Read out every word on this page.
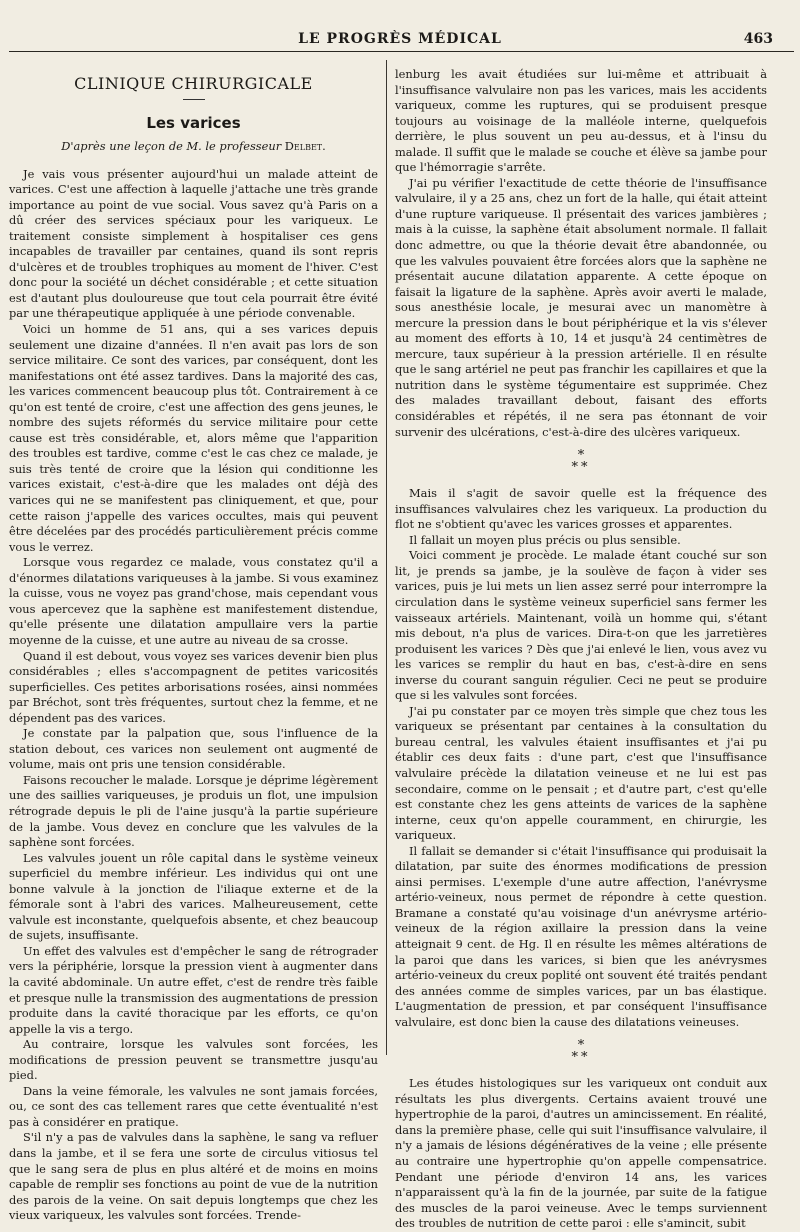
LE PROGRÈS MÉDICAL	463
CLINIQUE CHIRURGICALE
Les varices
D'après une leçon de M. le professeur Delbet.

Je vais vous présenter aujourd'hui un malade atteint de varices. C'est une affection à laquelle j'attache une très grande importance au point de vue social. Vous savez qu'à Paris on a dû créer des services spéciaux pour les variqueux. Le traitement consiste simplement à hospitaliser ces gens incapables de travailler par centaines, quand ils sont repris d'ulcères et de troubles trophiques au moment de l'hiver. C'est donc pour la société un déchet considérable ; et cette situation est d'autant plus douloureuse que tout cela pourrait être évité par une thérapeutique appliquée à une période convenable.

Voici un homme de 51 ans, qui a ses varices depuis seulement une dizaine d'années. Il n'en avait pas lors de son service militaire. Ce sont des varices, par conséquent, dont les manifestations ont été assez tardives. Dans la majorité des cas, les varices commencent beaucoup plus tôt. Contrairement à ce qu'on est tenté de croire, c'est une affection des gens jeunes, le nombre des sujets réformés du service militaire pour cette cause est très considérable, et, alors même que l'apparition des troubles est tardive, comme c'est le cas chez ce malade, je suis très tenté de croire que la lésion qui conditionne les varices existait, c'est-à-dire que les malades ont déjà des varices qui ne se manifestent pas cliniquement, et que, pour cette raison j'appelle des varices occultes, mais qui peuvent être décelées par des procédés particulièrement précis comme vous le verrez.

Lorsque vous regardez ce malade, vous constatez qu'il a d'énormes dilatations variqueuses à la jambe. Si vous examinez la cuisse, vous ne voyez pas grand'chose, mais cependant vous vous apercevez que la saphène est manifestement distendue, qu'elle présente une dilatation ampullaire vers la partie moyenne de la cuisse, et une autre au niveau de sa crosse.

Quand il est debout, vous voyez ses varices devenir bien plus considérables ; elles s'accompagnent de petites varicosités superficielles. Ces petites arborisations rosées, ainsi nommées par Bréchot, sont très fréquentes, surtout chez la femme, et ne dépendent pas des varices.

Je constate par la palpation que, sous l'influence de la station debout, ces varices non seulement ont augmenté de volume, mais ont pris une tension considérable.

Faisons recoucher le malade. Lorsque je déprime légèrement une des saillies variqueuses, je produis un flot, une impulsion rétrograde depuis le pli de l'aine jusqu'à la partie supérieure de la jambe. Vous devez en conclure que les valvules de la saphène sont forcées.

Les valvules jouent un rôle capital dans le système veineux superficiel du membre inférieur. Les individus qui ont une bonne valvule à la jonction de l'iliaque externe et de la fémorale sont à l'abri des varices. Malheureusement, cette valvule est inconstante, quelquefois absente, et chez beaucoup de sujets, insuffisante.

Un effet des valvules est d'empêcher le sang de rétrograder vers la périphérie, lorsque la pression vient à augmenter dans la cavité abdominale. Un autre effet, c'est de rendre très faible et presque nulle la transmission des augmentations de pression produite dans la cavité thoracique par les efforts, ce qu'on appelle la vis a tergo.

Au contraire, lorsque les valvules sont forcées, les modifications de pression peuvent se transmettre jusqu'au pied.

Dans la veine fémorale, les valvules ne sont jamais forcées, ou, ce sont des cas tellement rares que cette éventualité n'est pas à considérer en pratique.

S'il n'y a pas de valvules dans la saphène, le sang va refluer dans la jambe, et il se fera une sorte de circulus vitiosus tel que le sang sera de plus en plus altéré et de moins en moins capable de remplir ses fonctions au point de vue de la nutrition des parois de la veine. On sait depuis longtemps que chez les vieux variqueux, les valvules sont forcées. Trende-

lenburg les avait étudiées sur lui-même et attribuait à l'insuffisance valvulaire non pas les varices, mais les accidents variqueux, comme les ruptures, qui se produisent presque toujours au voisinage de la malléole interne, quelquefois derrière, le plus souvent un peu au-dessus, et à l'insu du malade. Il suffit que le malade se couche et élève sa jambe pour que l'hémorragie s'arrête.

J'ai pu vérifier l'exactitude de cette théorie de l'insuffisance valvulaire, il y a 25 ans, chez un fort de la halle, qui était atteint d'une rupture variqueuse. Il présentait des varices jambières ; mais à la cuisse, la saphène était absolument normale. Il fallait donc admettre, ou que la théorie devait être abandonnée, ou que les valvules pouvaient être forcées alors que la saphène ne présentait aucune dilatation apparente. A cette époque on faisait la ligature de la saphène. Après avoir averti le malade, sous anesthésie locale, je mesurai avec un manomètre à mercure la pression dans le bout périphérique et la vis s'élever au moment des efforts à 10, 14 et jusqu'à 24 centimètres de mercure, taux supérieur à la pression artérielle. Il en résulte que le sang artériel ne peut pas franchir les capillaires et que la nutrition dans le système tégumentaire est supprimée. Chez des malades travaillant debout, faisant des efforts considérables et répétés, il ne sera pas étonnant de voir survenir des ulcérations, c'est-à-dire des ulcères variqueux.

*
**

Mais il s'agit de savoir quelle est la fréquence des insuffisances valvulaires chez les variqueux. La production du flot ne s'obtient qu'avec les varices grosses et apparentes.

Il fallait un moyen plus précis ou plus sensible.

Voici comment je procède. Le malade étant couché sur son lit, je prends sa jambe, je la soulève de façon à vider ses varices, puis je lui mets un lien assez serré pour interrompre la circulation dans le système veineux superficiel sans fermer les vaisseaux artériels. Maintenant, voilà un homme qui, s'étant mis debout, n'a plus de varices. Dira-t-on que les jarretières produisent les varices ? Dès que j'ai enlevé le lien, vous avez vu les varices se remplir du haut en bas, c'est-à-dire en sens inverse du courant sanguin régulier. Ceci ne peut se produire que si les valvules sont forcées.

J'ai pu constater par ce moyen très simple que chez tous les variqueux se présentant par centaines à la consultation du bureau central, les valvules étaient insuffisantes et j'ai pu établir ces deux faits : d'une part, c'est que l'insuffisance valvulaire précède la dilatation veineuse et ne lui est pas secondaire, comme on le pensait ; et d'autre part, c'est qu'elle est constante chez les gens atteints de varices de la saphène interne, ceux qu'on appelle couramment, en chirurgie, les variqueux.

Il fallait se demander si c'était l'insuffisance qui produisait la dilatation, par suite des énormes modifications de pression ainsi permises. L'exemple d'une autre affection, l'anévrysme artério-veineux, nous permet de répondre à cette question. Bramane a constaté qu'au voisinage d'un anévrysme artério-veineux de la région axillaire la pression dans la veine atteignait 9 cent. de Hg. Il en résulte les mêmes altérations de la paroi que dans les varices, si bien que les anévrysmes artério-veineux du creux poplité ont souvent été traités pendant des années comme de simples varices, par un bas élastique. L'augmentation de pression, et par conséquent l'insuffisance valvulaire, est donc bien la cause des dilatations veineuses.

*
**

Les études histologiques sur les variqueux ont conduit aux résultats les plus divergents. Certains avaient trouvé une hypertrophie de la paroi, d'autres un amincissement. En réalité, dans la première phase, celle qui suit l'insuffisance valvulaire, il n'y a jamais de lésions dégénératives de la veine ; elle présente au contraire une hypertrophie qu'on appelle compensatrice. Pendant une période d'environ 14 ans, les varices n'apparaissent qu'à la fin de la journée, par suite de la fatigue des muscles de la paroi veineuse. Avec le temps surviennent des troubles de nutrition de cette paroi : elle s'amincit, subit
